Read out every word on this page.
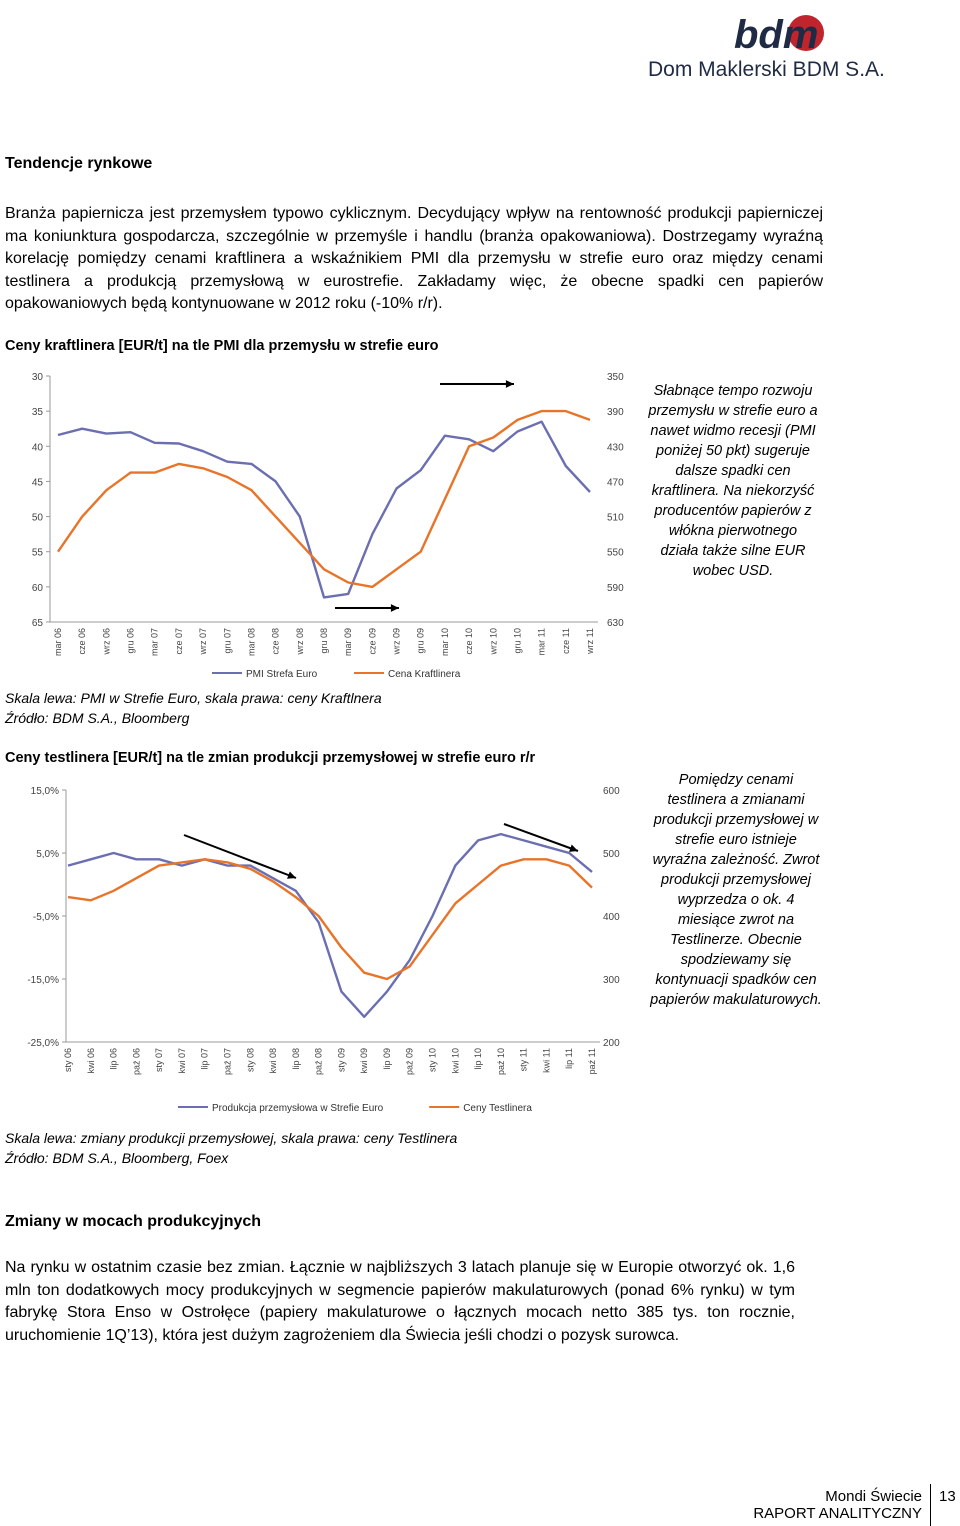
bdm
Dom Maklerski BDM S.A.
Tendencje rynkowe
Branża papiernicza jest przemysłem typowo cyklicznym. Decydujący wpływ na rentowność produkcji papierniczej ma koniunktura gospodarcza, szczególnie w przemyśle i handlu (branża opakowaniowa). Dostrzegamy wyraźną korelację pomiędzy cenami kraftlinera a wskaźnikiem PMI dla przemysłu w strefie euro oraz między cenami testlinera a produkcją przemysłową w eurostrefie. Zakładamy więc, że obecne spadki cen papierów opakowaniowych będą kontynuowane w 2012 roku (-10% r/r).
Ceny kraftlinera [EUR/t] na tle PMI dla przemysłu w strefie euro
30
35
40
45
50
55
60
65
350
390
430
470
510
550
590
630
mar 06 cze 06 wrz 06 gru 06 mar 07 cze 07 wrz 07 gru 07 mar 08 cze 08 wrz 08 gru 08 mar 09 cze 09 wrz 09 gru 09 mar 10 cze 10 wrz 10 gru 10 mar 11 cze 11 wrz 11
PMI Strefa Euro	Cena Kraftlinera
Słabnące tempo rozwoju przemysłu w strefie euro a nawet widmo recesji (PMI poniżej 50 pkt) sugeruje dalsze spadki cen kraftlinera. Na niekorzyść producentów papierów z włókna pierwotnego działa także silne EUR wobec USD.
Skala lewa: PMI w Strefie Euro, skala prawa: ceny Kraftlnera
Źródło: BDM S.A., Bloomberg
Ceny testlinera [EUR/t] na tle zmian produkcji przemysłowej w strefie euro r/r
15,0%
5,0%
-5,0%
-15,0%
-25,0%
600
500
400
300
200
sty 06 kwi 06 lip 06 paź 06 sty 07 kwi 07 lip 07 paź 07 sty 08 kwi 08 lip 08 paź 08 sty 09 kwi 09 lip 09 paź 09 sty 10 kwi 10 lip 10 paź 10 sty 11 kwi 11 lip 11 paź 11
Produkcja przemysłowa w Strefie Euro	Ceny Testlinera
Pomiędzy cenami testlinera a zmianami produkcji przemysłowej w strefie euro istnieje wyraźna zależność. Zwrot produkcji przemysłowej wyprzedza o ok. 4 miesiące zwrot na Testlinerze. Obecnie spodziewamy się kontynuacji spadków cen papierów makulaturowych.
Skala lewa: zmiany produkcji przemysłowej, skala prawa: ceny Testlinera
Źródło: BDM S.A., Bloomberg, Foex
Zmiany w mocach produkcyjnych
Na rynku w ostatnim czasie bez zmian. Łącznie w najbliższych 3 latach planuje się w Europie otworzyć ok. 1,6 mln ton dodatkowych mocy produkcyjnych w segmencie papierów makulaturowych (ponad 6% rynku) w tym fabrykę Stora Enso w Ostrołęce (papiery makulaturowe o łącznych mocach netto 385 tys. ton rocznie, uruchomienie 1Q’13), która jest dużym zagrożeniem dla Świecia jeśli chodzi o pozysk surowca.
Mondi Świecie
RAPORT ANALITYCZNY
13
